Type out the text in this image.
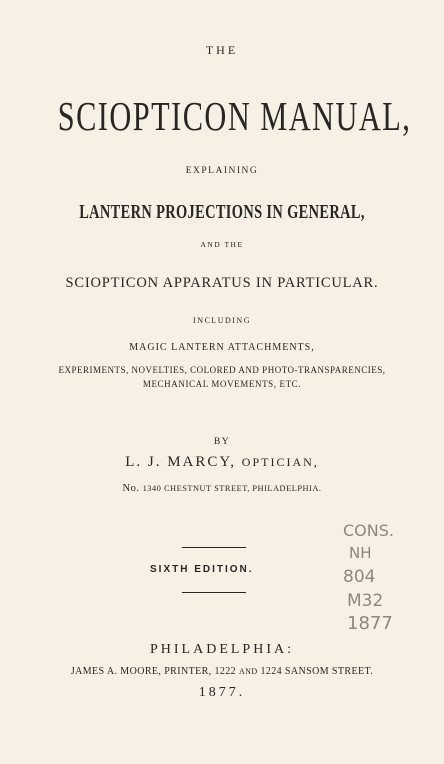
THE
SCIOPTICON MANUAL,
EXPLAINING
LANTERN PROJECTIONS IN GENERAL,
AND THE
SCIOPTICON APPARATUS IN PARTICULAR.
INCLUDING
MAGIC LANTERN ATTACHMENTS,
EXPERIMENTS, NOVELTIES, COLORED AND PHOTO-TRANSPARENCIES,
MECHANICAL MOVEMENTS, ETC.
BY
L. J. MARCY, OPTICIAN,
No. 1340 CHESTNUT STREET, PHILADELPHIA.
SIXTH EDITION.
CONS.
NH
804
M32
1877
PHILADELPHIA:
JAMES A. MOORE, PRINTER, 1222 AND 1224 SANSOM STREET.
1877.
